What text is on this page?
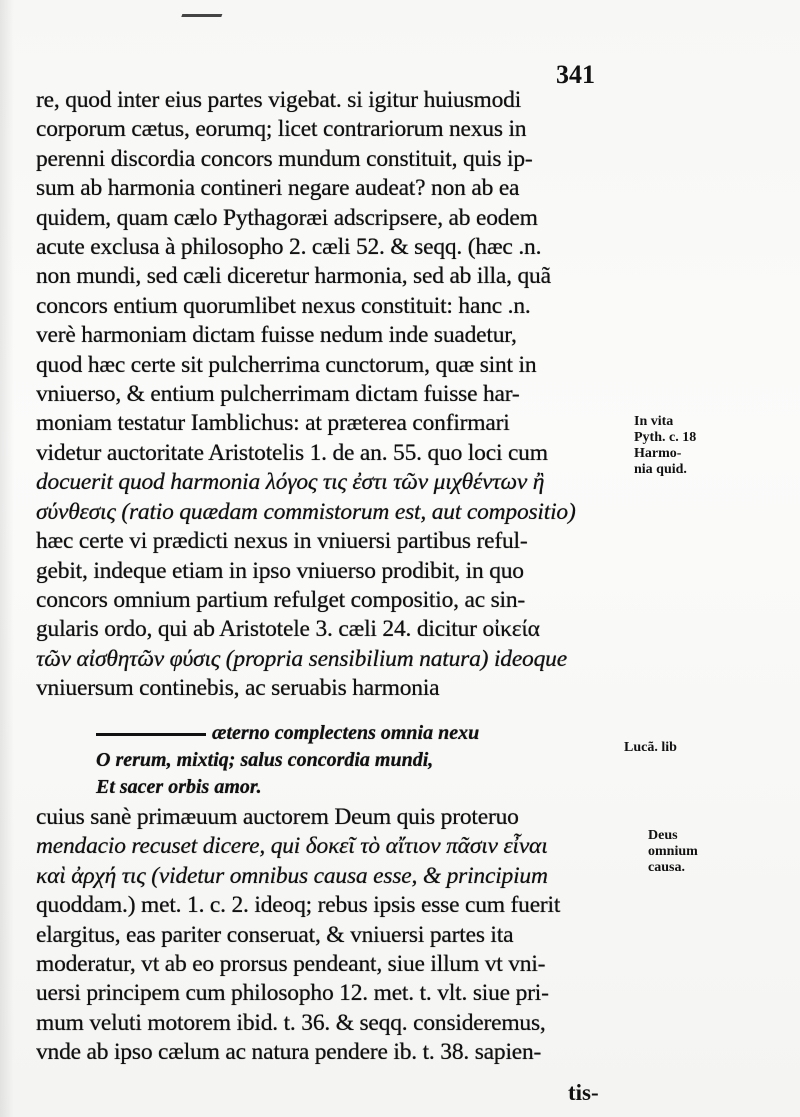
341
re, quod inter eius partes vigebat. si igitur huiusmodi
corporum cætus, eorumq; licet contrariorum nexus in
perenni discordia concors mundum constituit, quis ip-
sum ab harmonia contineri negare audeat? non ab ea
quidem, quam cælo Pythagoræi adscripsere, ab eodem
acute exclusa à philosopho 2. cæli 52. & seqq. (hæc .n.
non mundi, sed cæli diceretur harmonia, sed ab illa, quã
concors entium quorumlibet nexus constituit: hanc .n.
verè harmoniam dictam fuisse nedum inde suadetur,
quod hæc certe sit pulcherrima cunctorum, quæ sint in
vniuerso, & entium pulcherrimam dictam fuisse har-
moniam testatur Iamblichus: at præterea confirmari
videtur auctoritate Aristotelis 1. de an. 55. quo loci cum
docuerit quod harmonia λόγος τις ἐστι τῶν μιχθέντων ἢ
σύνθεσις (ratio quædam commistorum est, aut compositio)
hæc certe vi prædicti nexus in vniuersi partibus reful-
gebit, indeque etiam in ipso vniuerso prodibit, in quo
concors omnium partium refulget compositio, ac sin-
gularis ordo, qui ab Aristotele 3. cæli 24. dicitur οἰκεία
τῶν αἰσθητῶν φύσις (propria sensibilium natura) ideoque
vniuersum continebis, ac seruabis harmonia
æterno complectens omnia nexu
O rerum, mixtiq; salus concordia mundi,
Et sacer orbis amor.
cuius sanè primæuum auctorem Deum quis proteruo
mendacio recuset dicere, qui δοκεῖ τὸ αἴτιον πᾶσιν εἶναι
καὶ ἀρχή τις (videtur omnibus causa esse, & principium
quoddam.) met. 1. c. 2. ideoq; rebus ipsis esse cum fuerit
elargitus, eas pariter conseruat, & vniuersi partes ita
moderatur, vt ab eo prorsus pendeant, siue illum vt vni-
uersi principem cum philosopho 12. met. t. vlt. siue pri-
mum veluti motorem ibid. t. 36. & seqq. consideremus,
vnde ab ipso cælum ac natura pendere ib. t. 38. sapien-
In vita
Pyth. c. 18
Harmo-
nia quid.
Lucã. lib
Deus
omnium
causa.
tis-
